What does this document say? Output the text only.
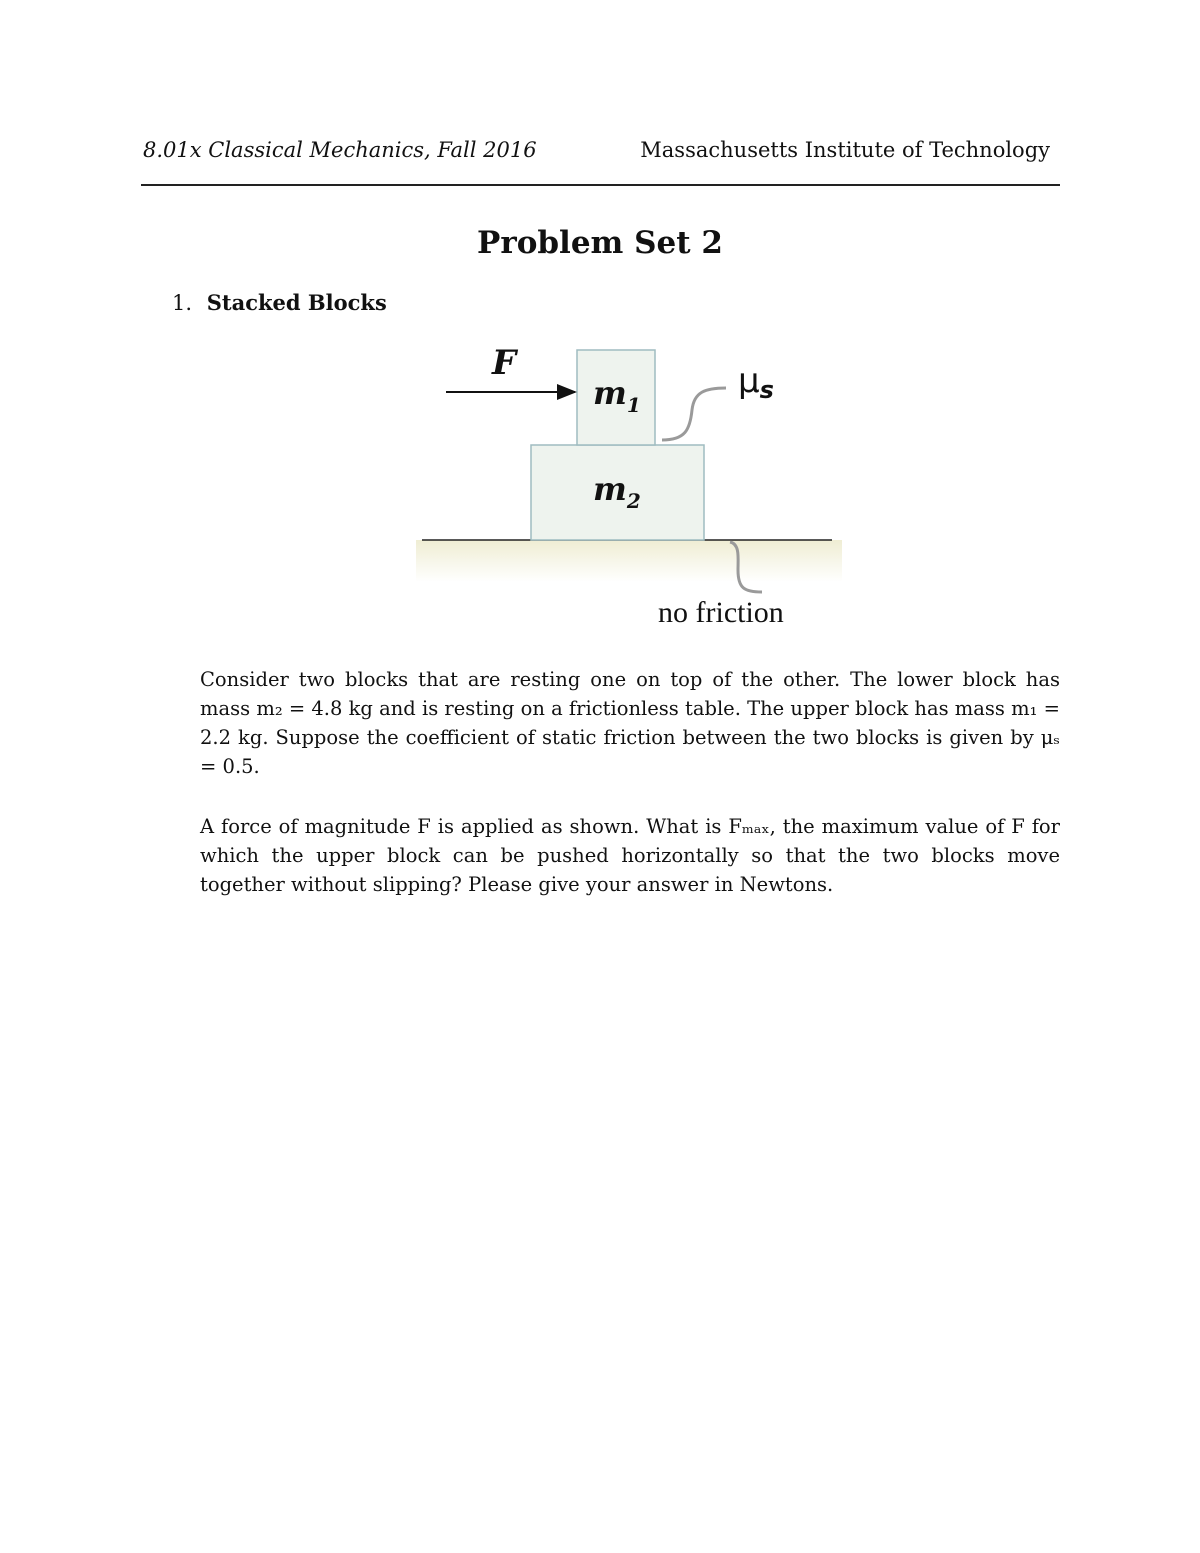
8.01x Classical Mechanics, Fall 2016	Massachusetts Institute of Technology
Problem Set 2
1. Stacked Blocks
F
$m_1$
$m_2$
μs
no friction
Consider two blocks that are resting one on top of the other. The lower block has mass m₂ = 4.8 kg and is resting on a frictionless table. The upper block has mass m₁ = 2.2 kg. Suppose the coefficient of static friction between the two blocks is given by μₛ = 0.5.
A force of magnitude F is applied as shown. What is Fₘₐₓ, the maximum value of F for which the upper block can be pushed horizontally so that the two blocks move together without slipping? Please give your answer in Newtons.
